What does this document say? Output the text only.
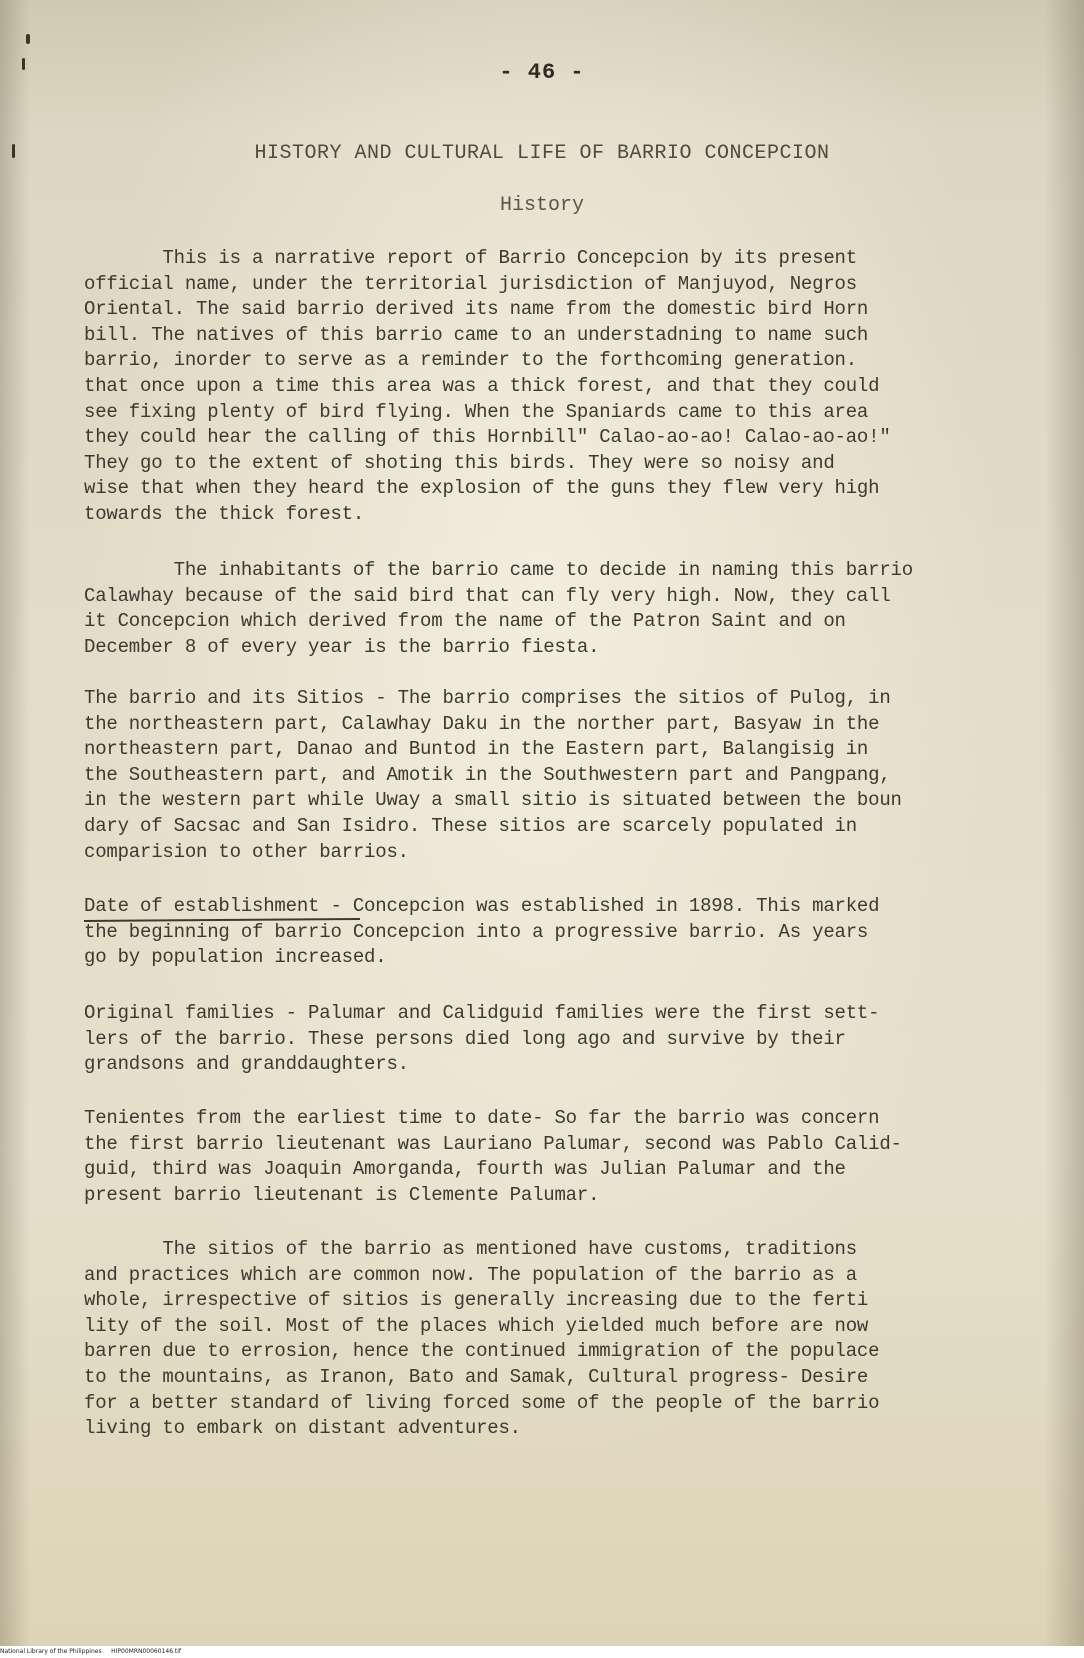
- 46 -
HISTORY AND CULTURAL LIFE OF BARRIO CONCEPCION
History

This is a narrative report of Barrio Concepcion by its present
official name, under the territorial jurisdiction of Manjuyod, Negros
Oriental. The said barrio derived its name from the domestic bird Horn
bill. The natives of this barrio came to an understadning to name such
barrio, inorder to serve as a reminder to the forthcoming generation.
that once upon a time this area was a thick forest, and that they could
see fixing plenty of bird flying. When the Spaniards came to this area
they could hear the calling of this Hornbill" Calao-ao-ao! Calao-ao-ao!"
They go to the extent of shoting this birds. They were so noisy and
wise that when they heard the explosion of the guns they flew very high
towards the thick forest.

The inhabitants of the barrio came to decide in naming this barrio
Calawhay because of the said bird that can fly very high. Now, they call
it Concepcion which derived from the name of the Patron Saint and on
December 8 of every year is the barrio fiesta.

The barrio and its Sitios - The barrio comprises the sitios of Pulog, in
the northeastern part, Calawhay Daku in the norther part, Basyaw in the
northeastern part, Danao and Buntod in the Eastern part, Balangisig in
the Southeastern part, and Amotik in the Southwestern part and Pangpang,
in the western part while Uway a small sitio is situated between the boun
dary of Sacsac and San Isidro. These sitios are scarcely populated in
comparision to other barrios.

Date of establishment - Concepcion was established in 1898. This marked
the beginning of barrio Concepcion into a progressive barrio. As years
go by population increased.

Original families - Palumar and Calidguid families were the first sett-
lers of the barrio. These persons died long ago and survive by their
grandsons and granddaughters.

Tenientes from the earliest time to date- So far the barrio was concern
the first barrio lieutenant was Lauriano Palumar, second was Pablo Calid-
guid, third was Joaquin Amorganda, fourth was Julian Palumar and the
present barrio lieutenant is Clemente Palumar.

The sitios of the barrio as mentioned have customs, traditions
and practices which are common now. The population of the barrio as a
whole, irrespective of sitios is generally increasing due to the ferti
lity of the soil. Most of the places which yielded much before are now
barren due to errosion, hence the continued immigration of the populace
to the mountains, as Iranon, Bato and Samak, Cultural progress- Desire
for a better standard of living forced some of the people of the barrio
living to embark on distant adventures.

National Library of the Philippines     HIP00MRN00060146.tif
